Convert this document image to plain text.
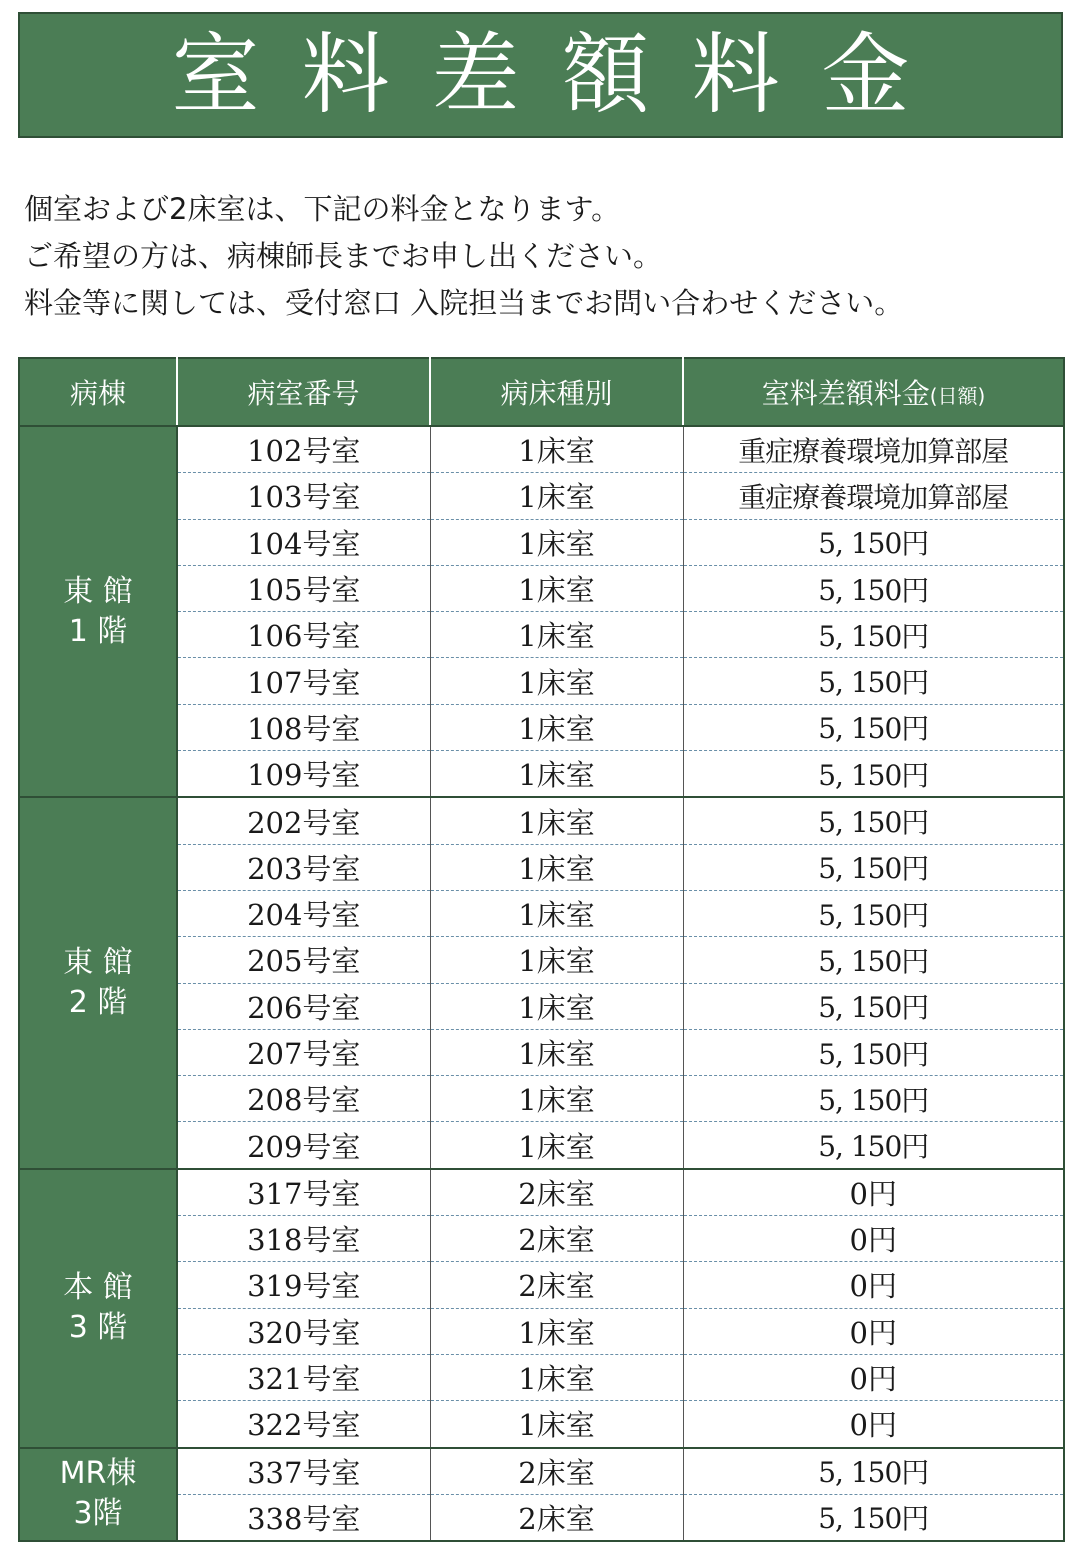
室料差額料金
個室および2床室は、下記の料金となります。
ご希望の方は、病棟師長までお申し出ください。
料金等に関しては、受付窓口 入院担当までお問い合わせください。
病棟	病室番号	病床種別	室料差額料金(日額)

東 館
1 階	102号室	1床室	重症療養環境加算部屋
	103号室	1床室	重症療養環境加算部屋
	104号室	1床室	5, 150円
	105号室	1床室	5, 150円
	106号室	1床室	5, 150円
	107号室	1床室	5, 150円
	108号室	1床室	5, 150円
	109号室	1床室	5, 150円

東 館
2 階	202号室	1床室	5, 150円
	203号室	1床室	5, 150円
	204号室	1床室	5, 150円
	205号室	1床室	5, 150円
	206号室	1床室	5, 150円
	207号室	1床室	5, 150円
	208号室	1床室	5, 150円
	209号室	1床室	5, 150円

本 館
3 階	317号室	2床室	0円
	318号室	2床室	0円
	319号室	2床室	0円
	320号室	1床室	0円
	321号室	1床室	0円
	322号室	1床室	0円

MR棟
3階	337号室	2床室	5, 150円
	338号室	2床室	5, 150円
